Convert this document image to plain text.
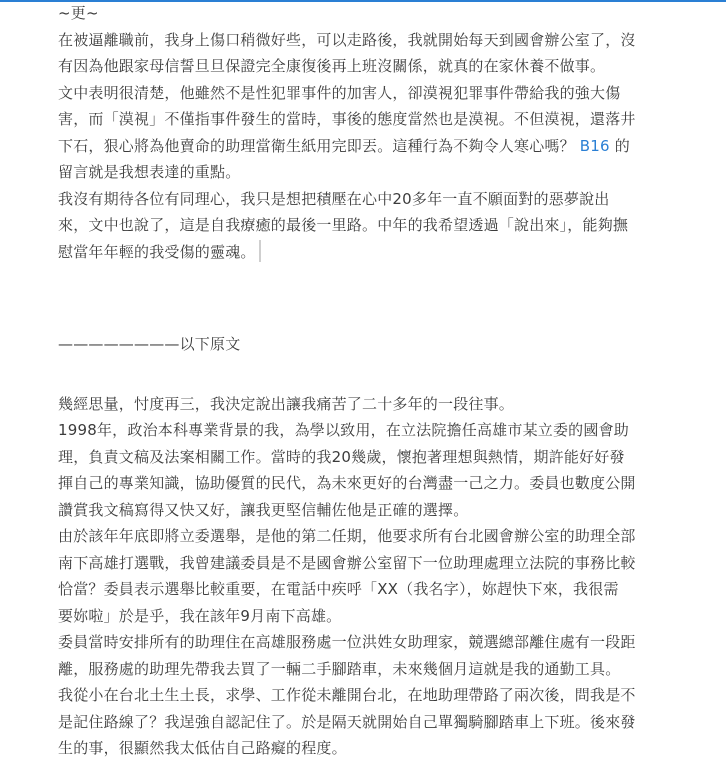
~更~

在被逼離職前，我身上傷口稍微好些，可以走路後，我就開始每天到國會辦公室了，沒
有因為他跟家母信誓旦旦保證完全康復後再上班沒關係，就真的在家休養不做事。

文中表明很清楚，他雖然不是性犯罪事件的加害人，卻漠視犯罪事件帶給我的強大傷
害，而「漠視」不僅指事件發生的當時，事後的態度當然也是漠視。不但漠視，還落井
下石，狠心將為他賣命的助理當衛生紙用完即丟。這種行為不夠令人寒心嗎？ B16 的
留言就是我想表達的重點。

我沒有期待各位有同理心，我只是想把積壓在心中20多年一直不願面對的惡夢說出
來，文中也說了，這是自我療癒的最後一里路。中年的我希望透過「說出來」，能夠撫
慰當年年輕的我受傷的靈魂。

————————以下原文

幾經思量，忖度再三，我決定說出讓我痛苦了二十多年的一段往事。

1998年，政治本科專業背景的我，為學以致用，在立法院擔任高雄市某立委的國會助
理，負責文稿及法案相關工作。當時的我20幾歲，懷抱著理想與熱情，期許能好好發
揮自己的專業知識，協助優質的民代，為未來更好的台灣盡一己之力。委員也數度公開
讚賞我文稿寫得又快又好，讓我更堅信輔佐他是正確的選擇。

由於該年年底即將立委選舉，是他的第二任期，他要求所有台北國會辦公室的助理全部
南下高雄打選戰，我曾建議委員是不是國會辦公室留下一位助理處理立法院的事務比較
恰當？委員表示選舉比較重要，在電話中疾呼「XX（我名字），妳趕快下來，我很需
要妳啦」於是乎，我在該年9月南下高雄。

委員當時安排所有的助理住在高雄服務處一位洪姓女助理家，競選總部離住處有一段距
離，服務處的助理先帶我去買了一輛二手腳踏車，未來幾個月這就是我的通勤工具。

我從小在台北土生土長，求學、工作從未離開台北，在地助理帶路了兩次後，問我是不
是記住路線了？我逞強自認記住了。於是隔天就開始自己單獨騎腳踏車上下班。後來發
生的事，很顯然我太低估自己路癡的程度。
